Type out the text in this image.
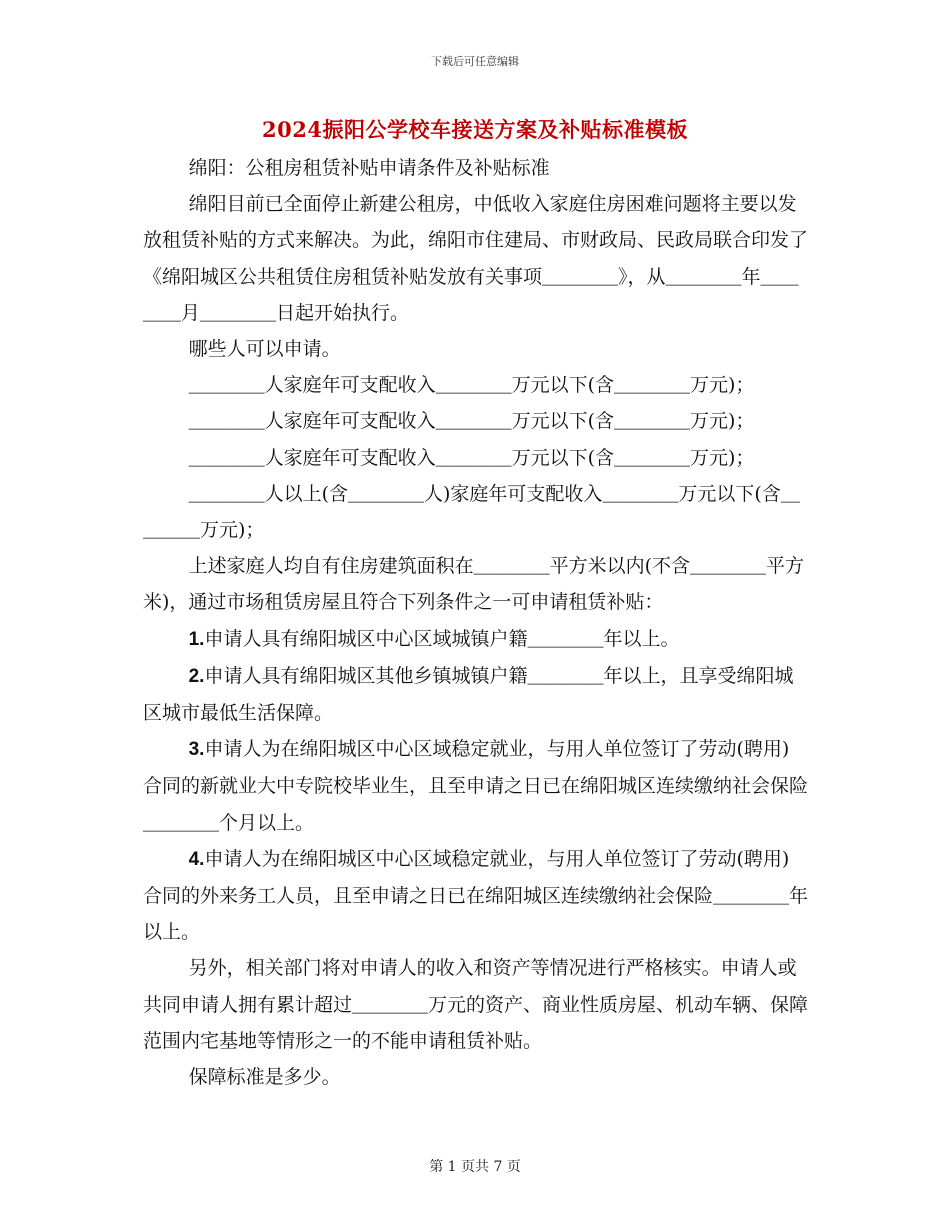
下载后可任意编辑
2024振阳公学校车接送方案及补贴标准模板

绵阳：公租房租赁补贴申请条件及补贴标准

绵阳目前已全面停止新建公租房，中低收入家庭住房困难问题将主要以发放租赁补贴的方式来解决。为此，绵阳市住建局、市财政局、民政局联合印发了《绵阳城区公共租赁住房租赁补贴发放有关事项＿＿＿＿》，从＿＿＿＿年＿＿＿＿月＿＿＿＿日起开始执行。

哪些人可以申请。

＿＿＿＿人家庭年可支配收入＿＿＿＿万元以下(含＿＿＿＿万元)；

＿＿＿＿人家庭年可支配收入＿＿＿＿万元以下(含＿＿＿＿万元)；

＿＿＿＿人家庭年可支配收入＿＿＿＿万元以下(含＿＿＿＿万元)；

＿＿＿＿人以上(含＿＿＿＿人)家庭年可支配收入＿＿＿＿万元以下(含＿＿＿＿万元)；

上述家庭人均自有住房建筑面积在＿＿＿＿平方米以内(不含＿＿＿＿平方米)，通过市场租赁房屋且符合下列条件之一可申请租赁补贴：

1.申请人具有绵阳城区中心区域城镇户籍＿＿＿＿年以上。

2.申请人具有绵阳城区其他乡镇城镇户籍＿＿＿＿年以上，且享受绵阳城区城市最低生活保障。

3.申请人为在绵阳城区中心区域稳定就业，与用人单位签订了劳动(聘用)合同的新就业大中专院校毕业生，且至申请之日已在绵阳城区连续缴纳社会保险＿＿＿＿个月以上。

4.申请人为在绵阳城区中心区域稳定就业，与用人单位签订了劳动(聘用)合同的外来务工人员，且至申请之日已在绵阳城区连续缴纳社会保险＿＿＿＿年以上。

另外，相关部门将对申请人的收入和资产等情况进行严格核实。申请人或共同申请人拥有累计超过＿＿＿＿万元的资产、商业性质房屋、机动车辆、保障范围内宅基地等情形之一的不能申请租赁补贴。

保障标准是多少。

第 1 页共 7 页
